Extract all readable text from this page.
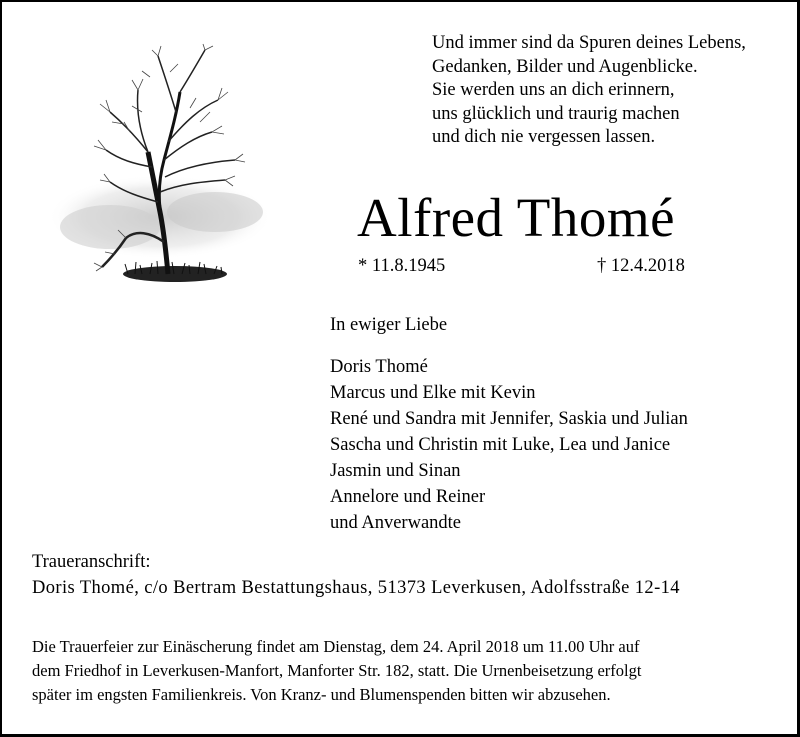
Und immer sind da Spuren deines Lebens,
Gedanken, Bilder und Augenblicke.
Sie werden uns an dich erinnern,
uns glücklich und traurig machen
und dich nie vergessen lassen.
Alfred Thomé
* 11.8.1945	† 12.4.2018
In ewiger Liebe
Doris Thomé
Marcus und Elke mit Kevin
René und Sandra mit Jennifer, Saskia und Julian
Sascha und Christin mit Luke, Lea und Janice
Jasmin und Sinan
Annelore und Reiner
und Anverwandte
Traueranschrift:
Doris Thomé, c/o Bertram Bestattungshaus, 51373 Leverkusen, Adolfsstraße 12-14
Die Trauerfeier zur Einäscherung findet am Dienstag, dem 24. April 2018 um 11.00 Uhr auf
dem Friedhof in Leverkusen-Manfort, Manforter Str. 182, statt. Die Urnenbeisetzung erfolgt
später im engsten Familienkreis. Von Kranz- und Blumenspenden bitten wir abzusehen.
